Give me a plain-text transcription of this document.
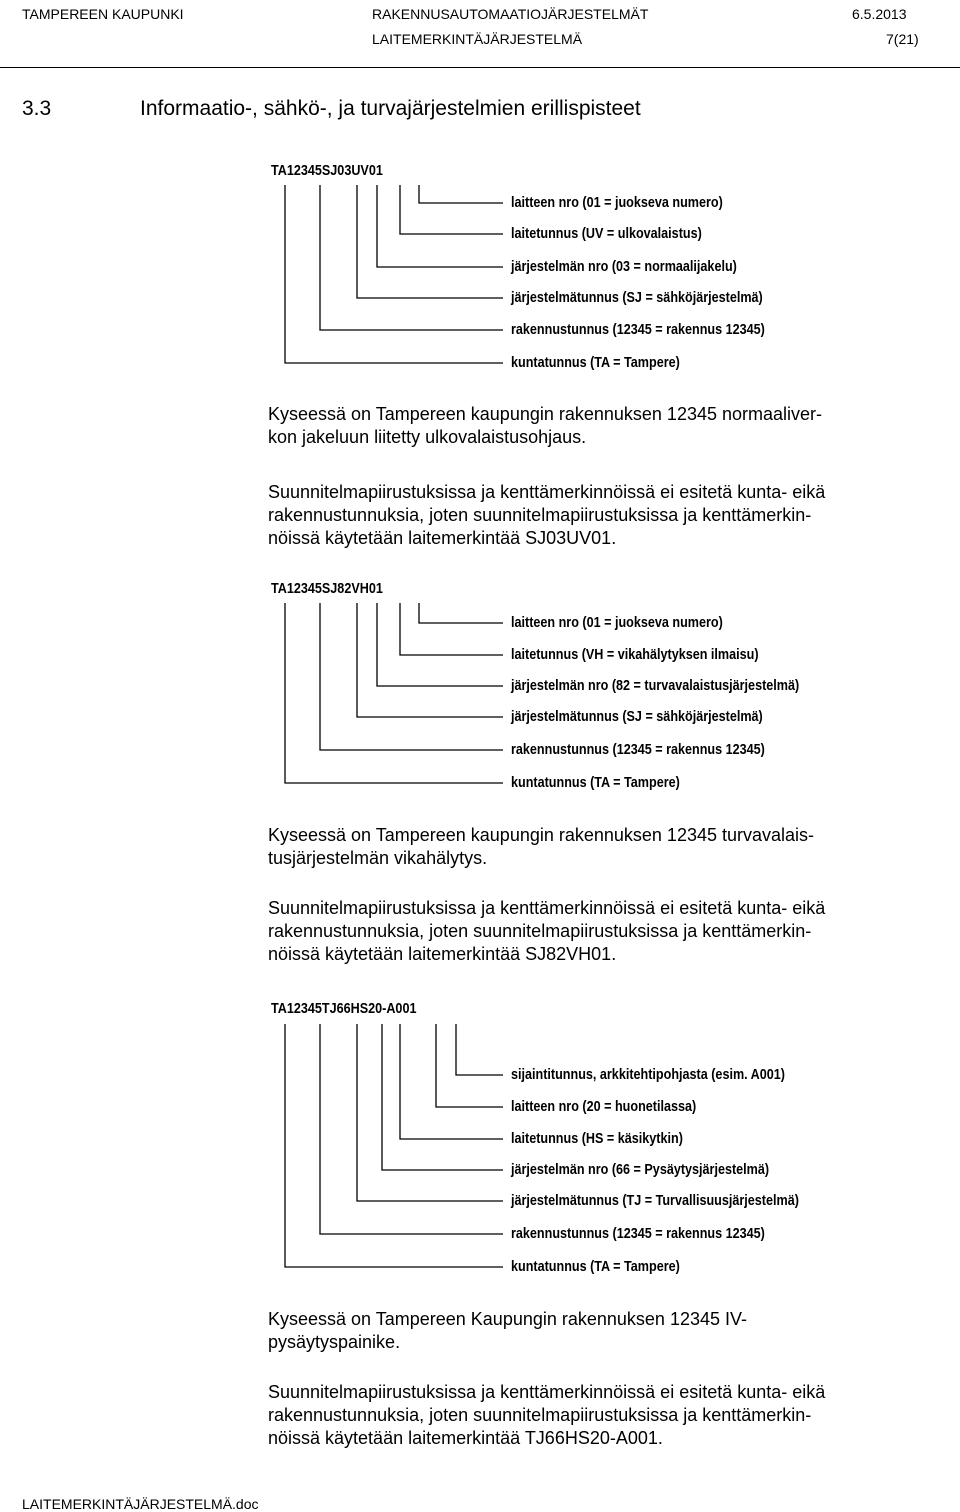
TAMPEREEN KAUPUNKI	RAKENNUSAUTOMAATIOJÄRJESTELMÄT
LAITEMERKINTÄJÄRJESTELMÄ
6.5.2013
7(21)
3.3	Informaatio-, sähkö-, ja turvajärjestelmien erillispisteet
TA12345SJ03UV01
laitteen nro (01 = juokseva numero)
laitetunnus (UV = ulkovalaistus)
järjestelmän nro (03 = normaalijakelu)
järjestelmätunnus (SJ = sähköjärjestelmä)
rakennustunnus (12345 = rakennus 12345)
kuntatunnus (TA = Tampere)
Kyseessä on Tampereen kaupungin rakennuksen 12345 normaaliver-
kon jakeluun liitetty ulkovalaistusohjaus.
Suunnitelmapiirustuksissa ja kenttämerkinnöissä ei esitetä kunta- eikä
rakennustunnuksia, joten suunnitelmapiirustuksissa ja kenttämerkin-
nöissä käytetään laitemerkintää SJ03UV01.
TA12345SJ82VH01
laitteen nro (01 = juokseva numero)
laitetunnus (VH = vikahälytyksen ilmaisu)
järjestelmän nro (82 = turvavalaistusjärjestelmä)
järjestelmätunnus (SJ = sähköjärjestelmä)
rakennustunnus (12345 = rakennus 12345)
kuntatunnus (TA = Tampere)
Kyseessä on Tampereen kaupungin rakennuksen 12345 turvavalais-
tusjärjestelmän vikahälytys.
Suunnitelmapiirustuksissa ja kenttämerkinnöissä ei esitetä kunta- eikä
rakennustunnuksia, joten suunnitelmapiirustuksissa ja kenttämerkin-
nöissä käytetään laitemerkintää SJ82VH01.
TA12345TJ66HS20-A001
sijaintitunnus, arkkitehtipohjasta (esim. A001)
laitteen nro (20 = huonetilassa)
laitetunnus (HS = käsikytkin)
järjestelmän nro (66 = Pysäytysjärjestelmä)
järjestelmätunnus (TJ = Turvallisuusjärjestelmä)
rakennustunnus (12345 = rakennus 12345)
kuntatunnus (TA = Tampere)
Kyseessä on Tampereen Kaupungin rakennuksen 12345 IV-
pysäytyspainike.
Suunnitelmapiirustuksissa ja kenttämerkinnöissä ei esitetä kunta- eikä
rakennustunnuksia, joten suunnitelmapiirustuksissa ja kenttämerkin-
nöissä käytetään laitemerkintää TJ66HS20-A001.
LAITEMERKINTÄJÄRJESTELMÄ.doc
